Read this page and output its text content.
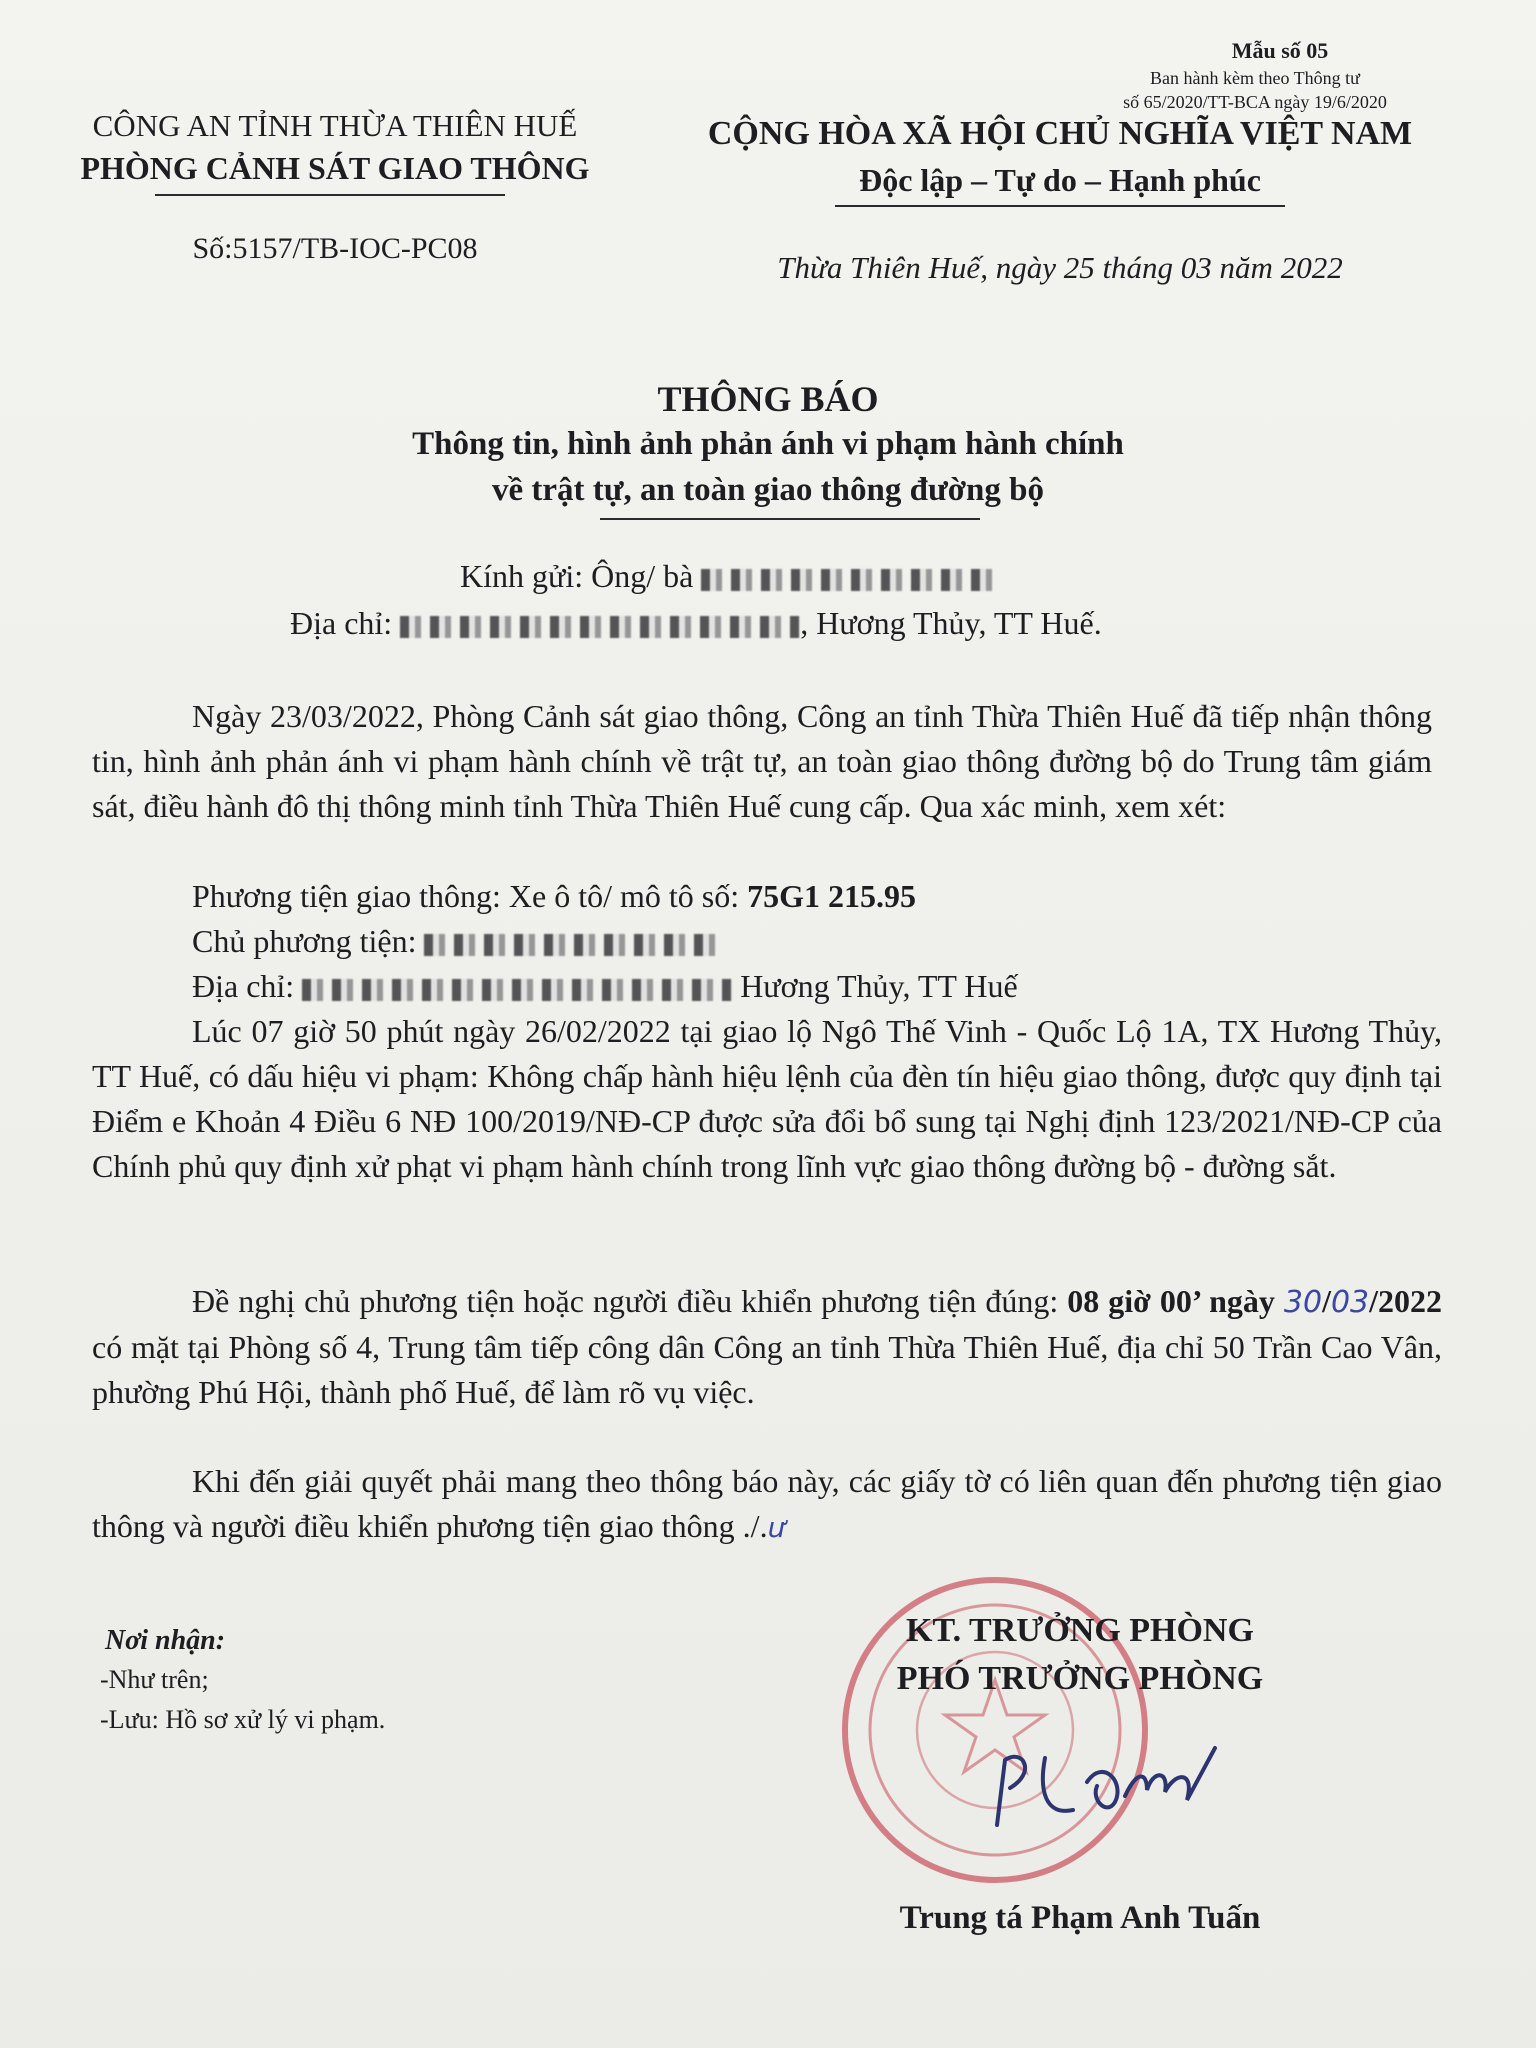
Mẫu số 05
Ban hành kèm theo Thông tư
số 65/2020/TT-BCA ngày 19/6/2020
CÔNG AN TỈNH THỪA THIÊN HUẾ
PHÒNG CẢNH SÁT GIAO THÔNG
Số:5157/TB-IOC-PC08
CỘNG HÒA XÃ HỘI CHỦ NGHĨA VIỆT NAM
Độc lập – Tự do – Hạnh phúc
Thừa Thiên Huế, ngày 25 tháng 03 năm 2022
THÔNG BÁO
Thông tin, hình ảnh phản ánh vi phạm hành chính
về trật tự, an toàn giao thông đường bộ
Kính gửi: Ông/ bà
Địa chỉ:	, Hương Thủy, TT Huế.
Ngày 23/03/2022, Phòng Cảnh sát giao thông, Công an tỉnh Thừa Thiên Huế đã tiếp nhận thông tin, hình ảnh phản ánh vi phạm hành chính về trật tự, an toàn giao thông đường bộ do Trung tâm giám sát, điều hành đô thị thông minh tỉnh Thừa Thiên Huế cung cấp. Qua xác minh, xem xét:
Phương tiện giao thông: Xe ô tô/ mô tô số: 75G1 215.95
Chủ phương tiện:
Địa chỉ:	Hương Thủy, TT Huế
Lúc 07 giờ 50 phút ngày 26/02/2022 tại giao lộ Ngô Thế Vinh - Quốc Lộ 1A, TX Hương Thủy, TT Huế, có dấu hiệu vi phạm: Không chấp hành hiệu lệnh của đèn tín hiệu giao thông, được quy định tại Điểm e Khoản 4 Điều 6 NĐ 100/2019/NĐ-CP được sửa đổi bổ sung tại Nghị định 123/2021/NĐ-CP của Chính phủ quy định xử phạt vi phạm hành chính trong lĩnh vực giao thông đường bộ - đường sắt.
Đề nghị chủ phương tiện hoặc người điều khiển phương tiện đúng: 08 giờ 00’ ngày 30/03/2022 có mặt tại Phòng số 4, Trung tâm tiếp công dân Công an tỉnh Thừa Thiên Huế, địa chỉ 50 Trần Cao Vân, phường Phú Hội, thành phố Huế, để làm rõ vụ việc.
Khi đến giải quyết phải mang theo thông báo này, các giấy tờ có liên quan đến phương tiện giao thông và người điều khiển phương tiện giao thông ./.ư
Nơi nhận:
-Như trên;
-Lưu: Hồ sơ xử lý vi phạm.
KT. TRƯỞNG PHÒNG
PHÓ TRƯỞNG PHÒNG
Trung tá Phạm Anh Tuấn
